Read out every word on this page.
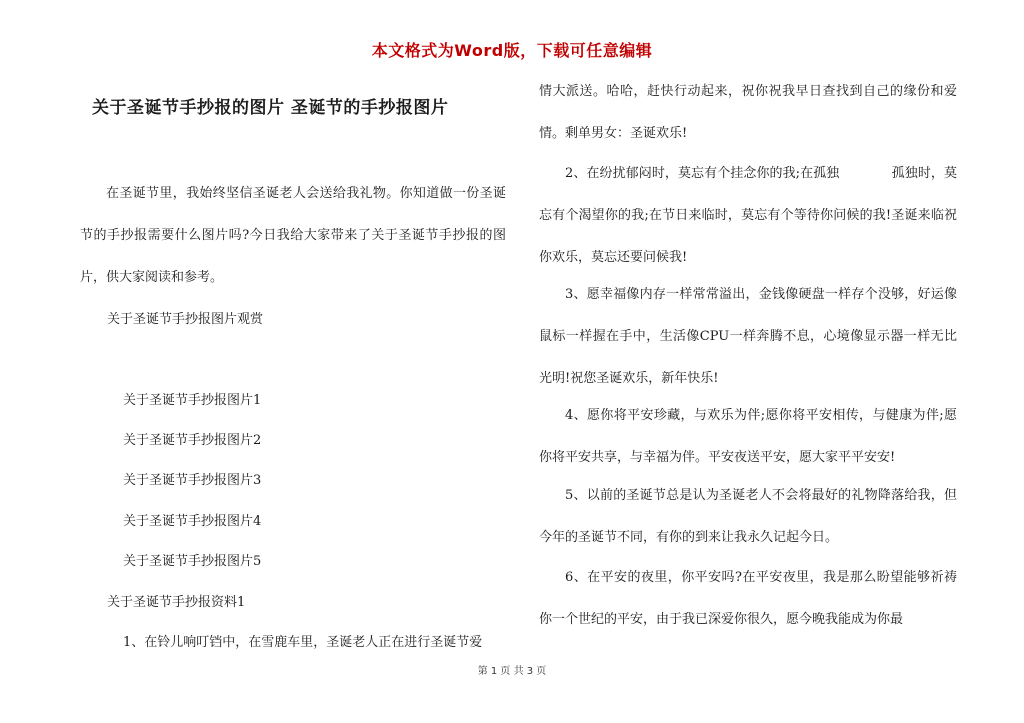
本文格式为Word版，下载可任意编辑
关于圣诞节手抄报的图片 圣诞节的手抄报图片
在圣诞节里，我始终坚信圣诞老人会送给我礼物。你知道做一份圣诞节的手抄报需要什么图片吗?今日我给大家带来了关于圣诞节手抄报的图片，供大家阅读和参考。
关于圣诞节手抄报图片观赏
关于圣诞节手抄报图片1
关于圣诞节手抄报图片2
关于圣诞节手抄报图片3
关于圣诞节手抄报图片4
关于圣诞节手抄报图片5
关于圣诞节手抄报资料1
1、在铃儿响叮铛中，在雪鹿车里，圣诞老人正在进行圣诞节爱
情大派送。哈哈，赶快行动起来，祝你祝我早日查找到自己的缘份和爱情。剩单男女：圣诞欢乐!
2、在纷扰郁闷时，莫忘有个挂念你的我;在孤独　　　　孤独时，莫忘有个渴望你的我;在节日来临时，莫忘有个等待你问候的我!圣诞来临祝你欢乐，莫忘还要问候我!
3、愿幸福像内存一样常常溢出，金钱像硬盘一样存个没够，好运像鼠标一样握在手中，生活像CPU一样奔腾不息，心境像显示器一样无比光明!祝您圣诞欢乐，新年快乐!
4、愿你将平安珍藏，与欢乐为伴;愿你将平安相传，与健康为伴;愿你将平安共享，与幸福为伴。平安夜送平安，愿大家平平安安!
5、以前的圣诞节总是认为圣诞老人不会将最好的礼物降落给我，但今年的圣诞节不同，有你的到来让我永久记起今日。
6、在平安的夜里，你平安吗?在平安夜里，我是那么盼望能够祈祷你一个世纪的平安，由于我已深爱你很久，愿今晚我能成为你最
第 1 页 共 3 页
